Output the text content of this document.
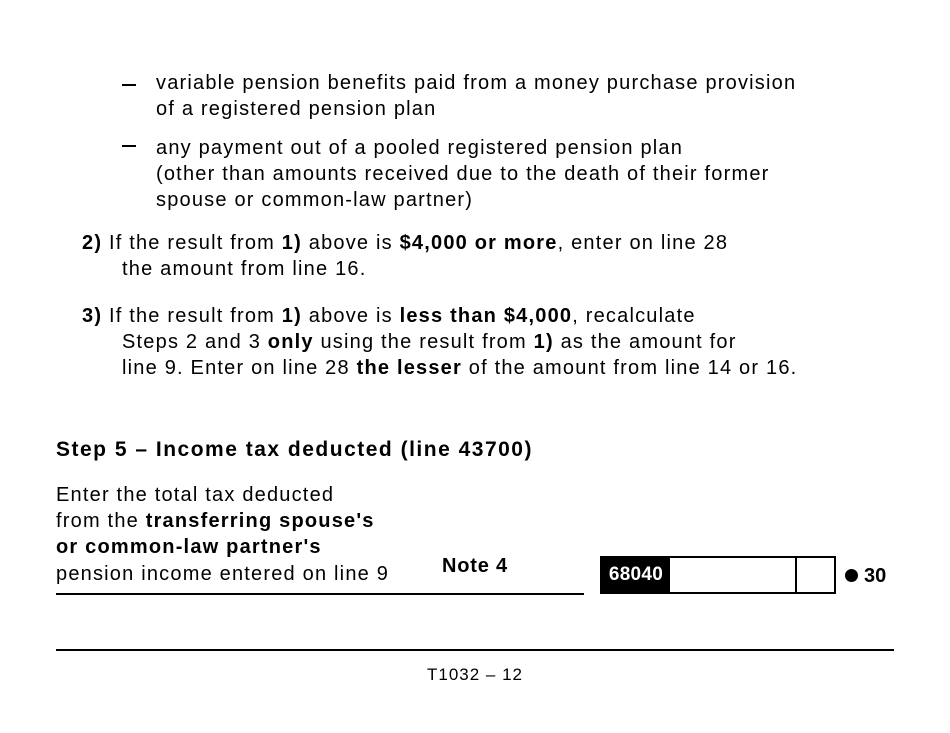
variable pension benefits paid from a money purchase provision
of a registered pension plan
any payment out of a pooled registered pension plan
(other than amounts received due to the death of their former
spouse or common-law partner)
2) If the result from 1) above is $4,000 or more, enter on line 28
the amount from line 16.
3) If the result from 1) above is less than $4,000, recalculate
Steps 2 and 3 only using the result from 1) as the amount for
line 9. Enter on line 28 the lesser of the amount from line 14 or 16.
Step 5 – Income tax deducted (line 43700)
Enter the total tax deducted
from the transferring spouse's
or common-law partner's
pension income entered on line 9	Note 4	68040	30
T1032 – 12
